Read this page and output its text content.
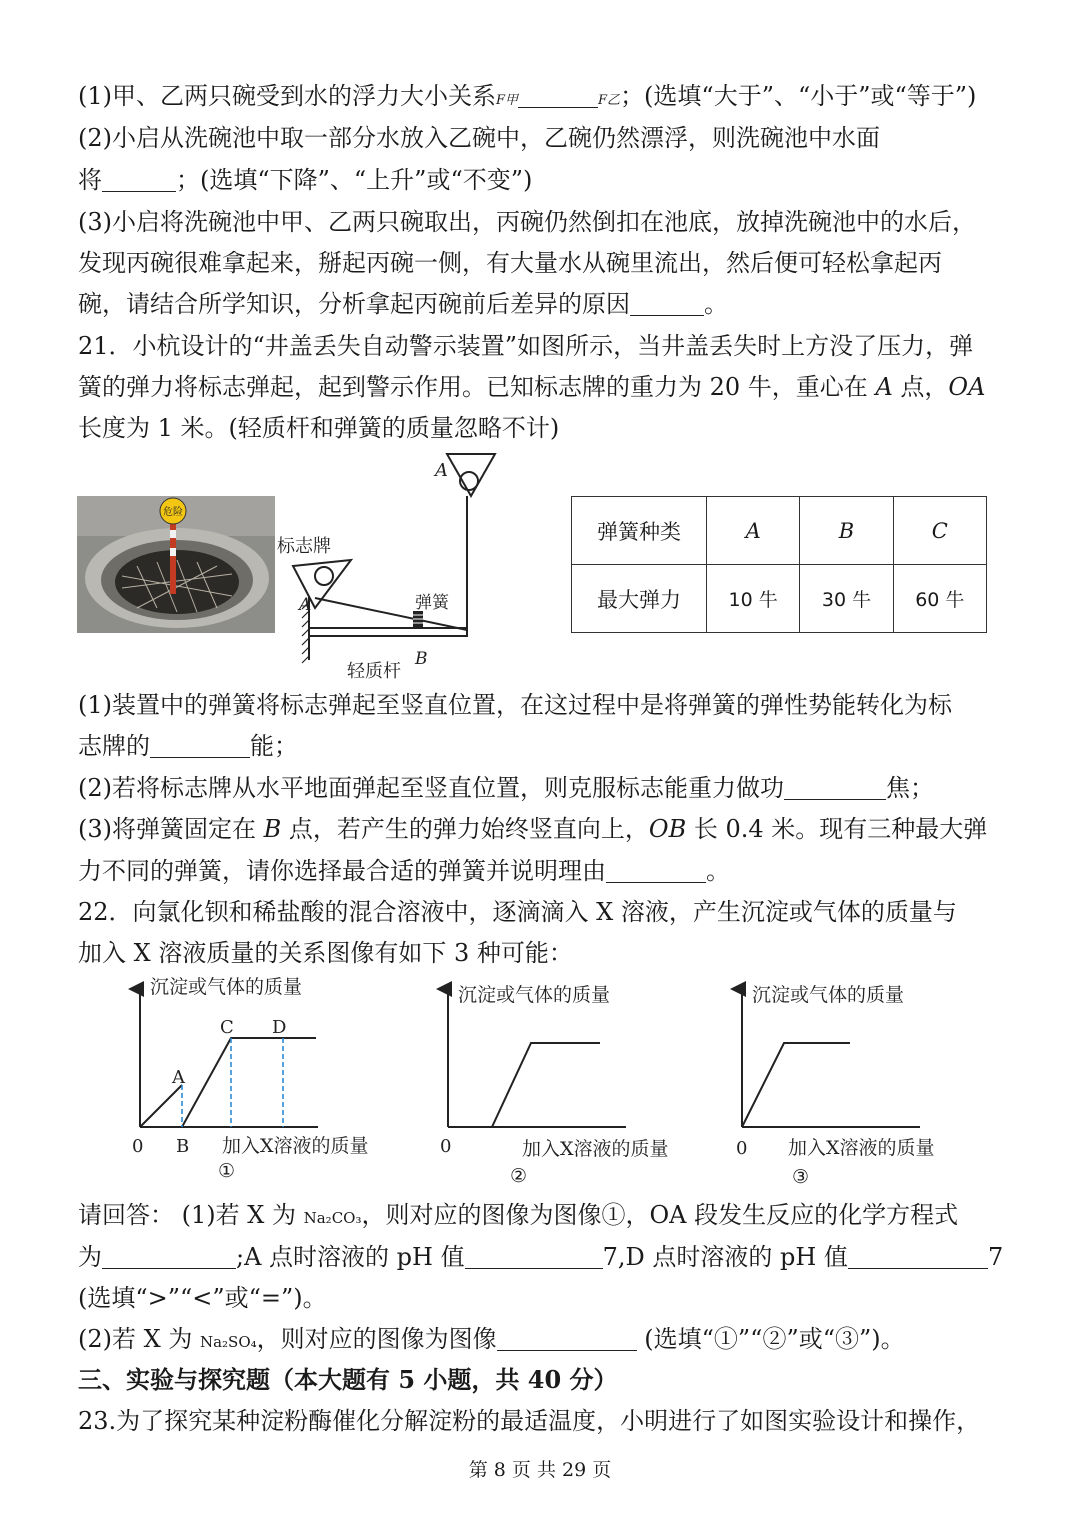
(1)甲、乙两只碗受到水的浮力大小关系F甲	F乙；(选填“大于”、“小于”或“等于”)
(2)小启从洗碗池中取一部分水放入乙碗中，乙碗仍然漂浮，则洗碗池中水面
将	；(选填“下降”、“上升”或“不变”)
(3)小启将洗碗池中甲、乙两只碗取出，丙碗仍然倒扣在池底，放掉洗碗池中的水后，
发现丙碗很难拿起来，掰起丙碗一侧，有大量水从碗里流出，然后便可轻松拿起丙
碗，请结合所学知识，分析拿起丙碗前后差异的原因	。
21．小杭设计的“井盖丢失自动警示装置”如图所示，当井盖丢失时上方没了压力，弹
簧的弹力将标志弹起，起到警示作用。已知标志牌的重力为 20 牛，重心在 A 点，OA
长度为 1 米。(轻质杆和弹簧的质量忽略不计)
危险
A
标志牌
A	弹簧
轻质杆
B
弹簧种类	A	B	C
最大弹力	10 牛	30 牛	60 牛
(1)装置中的弹簧将标志弹起至竖直位置，在这过程中是将弹簧的弹性势能转化为标
志牌的	能；
(2)若将标志牌从水平地面弹起至竖直位置，则克服标志能重力做功	焦；
(3)将弹簧固定在 B 点，若产生的弹力始终竖直向上，OB 长 0.4 米。现有三种最大弹
力不同的弹簧，请你选择最合适的弹簧并说明理由	。
22．向氯化钡和稀盐酸的混合溶液中，逐滴滴入 X 溶液，产生沉淀或气体的质量与
加入 X 溶液质量的关系图像有如下 3 种可能：
沉淀或气体的质量
A
C D
0 B 加入X溶液的质量
①
沉淀或气体的质量
0	加入X溶液的质量
②
沉淀或气体的质量
0 加入X溶液的质量
③
请回答： (1)若 X 为 Na₂CO₃，则对应的图像为图像①，OA 段发生反应的化学方程式
为	;A 点时溶液的 pH 值	7,D 点时溶液的 pH 值	7
(选填“>”“<”或“=”)。
(2)若 X 为 Na₂SO₄，则对应的图像为图像	(选填“①”“②”或“③”)。
三、实验与探究题（本大题有 5 小题，共 40 分）
23.为了探究某种淀粉酶催化分解淀粉的最适温度，小明进行了如图实验设计和操作，
第 8 页 共 29 页
